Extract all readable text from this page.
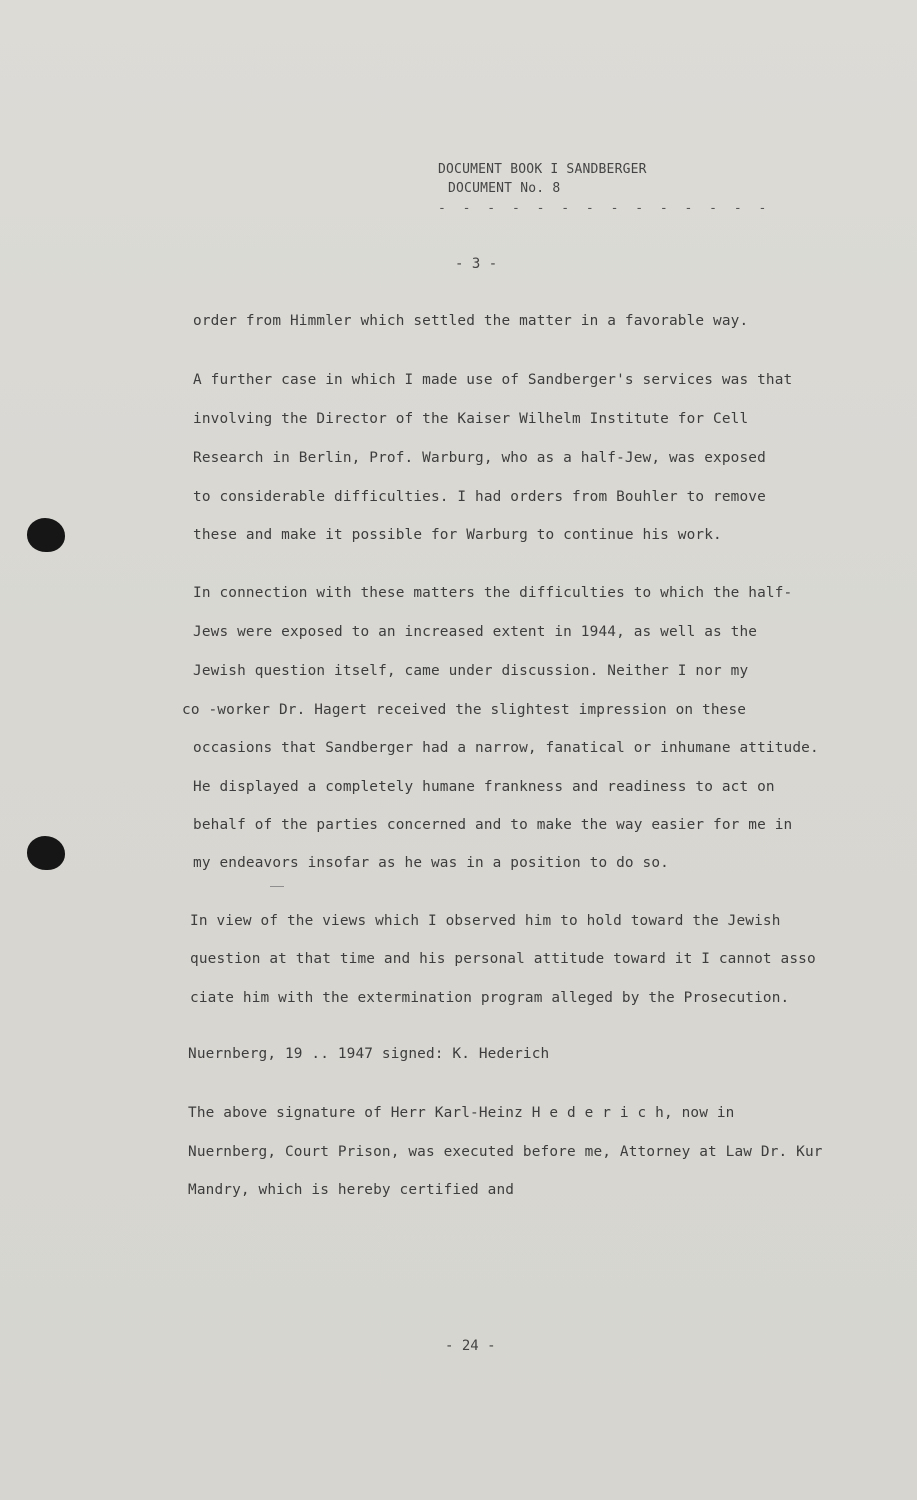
DOCUMENT BOOK I SANDBERGER
DOCUMENT No. 8
- - - - - - - - - - - - - -
- 3 -
order from Himmler which settled the matter in a favorable way.
A further case in which I made use of Sandberger's services was that
involving the Director of the Kaiser Wilhelm Institute for Cell
Research in Berlin, Prof. Warburg, who as a half-Jew, was exposed
to considerable difficulties. I had orders from Bouhler to remove
these and make it possible for Warburg to continue his work.
In connection with these matters the difficulties to which the half-
Jews were exposed to an increased extent in 1944, as well as the
Jewish question itself, came under discussion. Neither I nor my
co -worker Dr. Hagert received the slightest impression on these
occasions that Sandberger had a narrow, fanatical or inhumane attitude.
He displayed a completely humane frankness and readiness to act on
behalf of the parties concerned and to make the way easier for me in
my endeavors insofar as he was in a position to do so.
In view of the views which I observed him to hold toward the Jewish
question at that time and his personal attitude toward it I cannot asso
ciate him with the extermination program alleged by the Prosecution.
Nuernberg, 19 .. 1947 signed: K. Hederich
The above signature of Herr Karl-Heinz H e d e r i c h, now in
Nuernberg, Court Prison, was executed before me, Attorney at Law Dr. Kur
Mandry, which is hereby certified and
- 24 -
